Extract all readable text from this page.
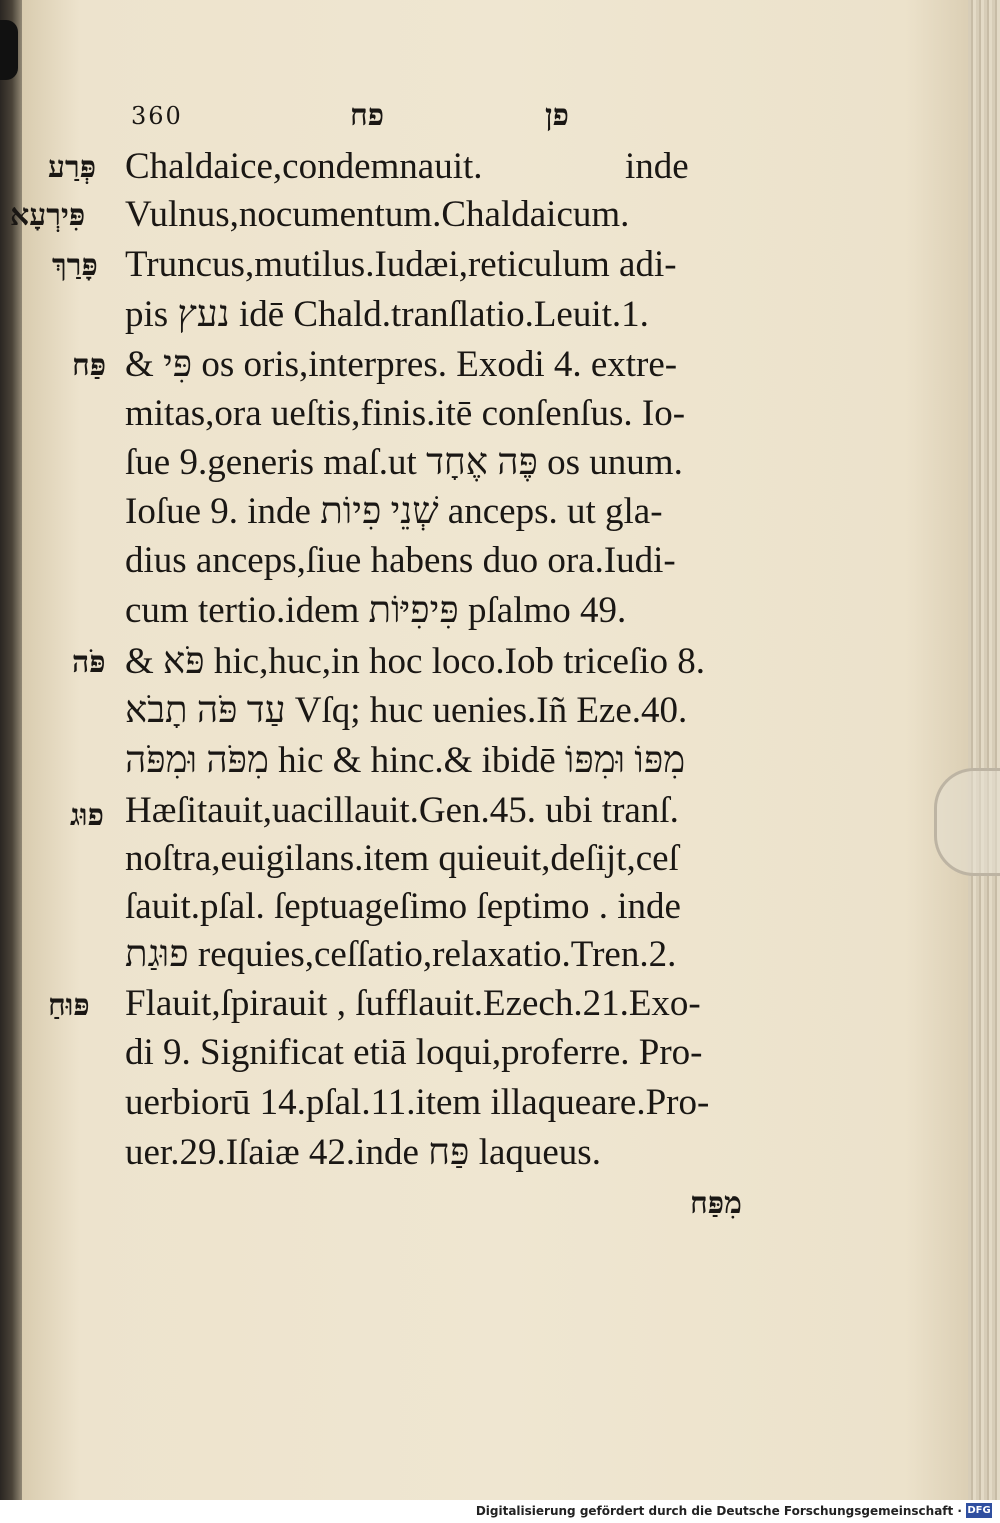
360	פח	פן
פְּרַע
פִּירְעָא
פָּרַךְ
פַּח
פֹּה
פוּג
פּוּחַ
Chaldaice,condemnauit.	inde
Vulnus,nocumentum.Chaldaicum.
Truncus,mutilus.Iudæi,reticulum adi-
pis נעץ idē Chald.tranſlatio.Leuit.1.
& פִּי os oris,interpres. Exodi 4. extre-
mitas,ora ueſtis,finis.itē conſenſus. Io-
ſue 9.generis maſ.ut פֶּה אֶחָד os unum.
Ioſue 9. inde שְׁנֵי פִיוֹת anceps. ut gla-
dius anceps,ſiue habens duo ora.Iudi-
cum tertio.idem פִּיפִיּוֹת pſalmo 49.
& פֹּא hic,huc,in hoc loco.Iob triceſio 8.
עַד פֹּה תָבֹא Vſq; huc uenies.Iñ Eze.40.
מִפֹּה וּמִפֹּה hic & hinc.& ibidē מִפּוֹ וּמִפּוֹ
Hæſitauit,uacillauit.Gen.45. ubi tranſ.
noſtra,euigilans.item quieuit,deſijt,ceſ
ſauit.pſal. ſeptuageſimo ſeptimo . inde
פוּגַת requies,ceſſatio,relaxatio.Tren.2.
Flauit,ſpirauit , ſufflauit.Ezech.21.Exo-
di 9. Significat etiā loqui,proferre. Pro-
uerbiorū 14.pſal.11.item illaqueare.Pro-
uer.29.Iſaiæ 42.inde פַּח laqueus.
מִפַּח
Digitalisierung gefördert durch die Deutsche Forschungsgemeinschaft · DFG
